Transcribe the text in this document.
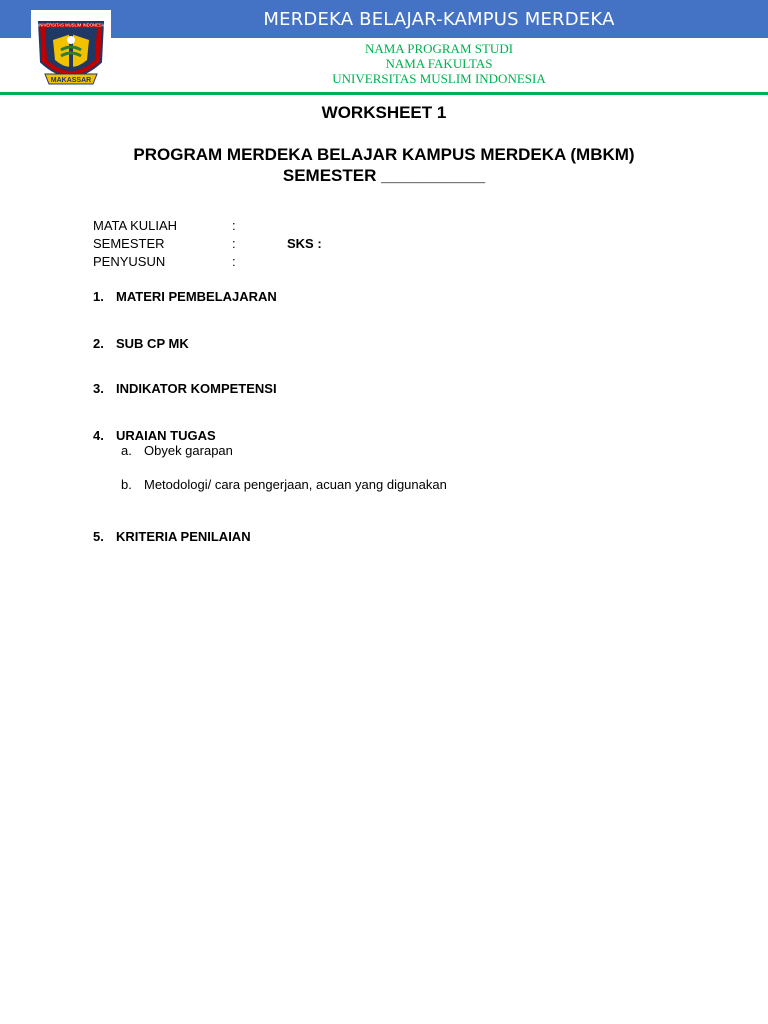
MERDEKA BELAJAR-KAMPUS MERDEKA
UNIVERSITAS MUSLIM INDONESIA
MAKASSAR
NAMA PROGRAM STUDI
NAMA FAKULTAS
UNIVERSITAS MUSLIM INDONESIA
WORKSHEET 1
PROGRAM MERDEKA BELAJAR KAMPUS MERDEKA (MBKM)
SEMESTER ___________
MATA KULIAH	:
SEMESTER	:	SKS :
PENYUSUN	:
1. MATERI PEMBELAJARAN
2. SUB CP MK
3. INDIKATOR KOMPETENSI
4. URAIAN TUGAS
a. Obyek garapan
b. Metodologi/ cara pengerjaan, acuan yang digunakan
5. KRITERIA PENILAIAN
